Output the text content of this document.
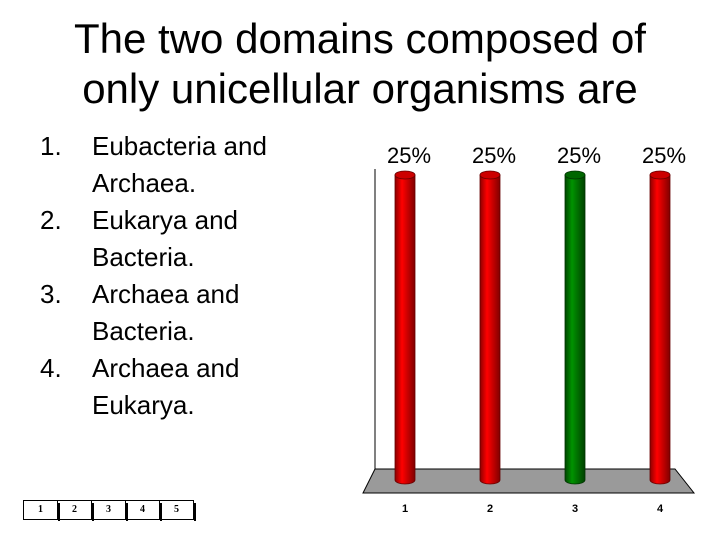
The two domains composed of
only unicellular organisms are
1.	Eubacteria and
Archaea.
2.	Eukarya and
Bacteria.
3.	Archaea and
Bacteria.
4.	Archaea and
Eukarya.
25%
1
25%
2
25%
3
25%
4
1	2	3	4	5
